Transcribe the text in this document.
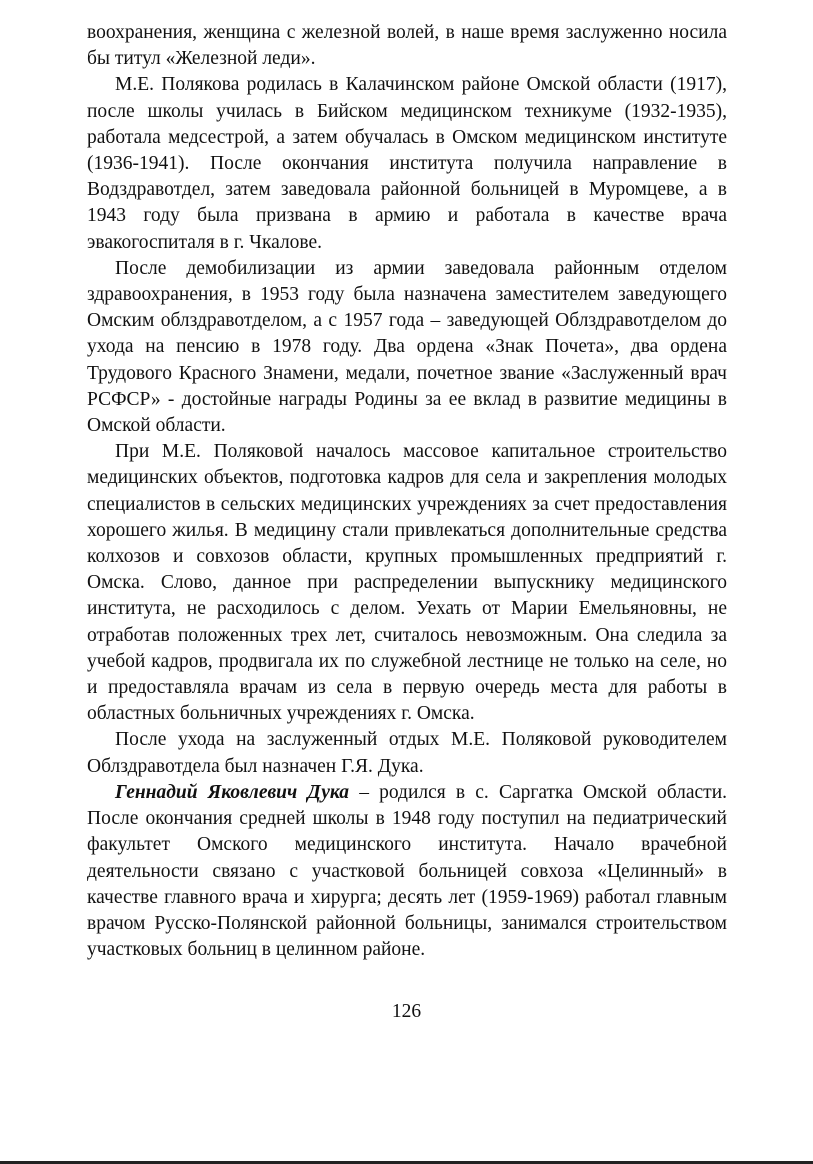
воохранения, женщина с железной волей, в наше время заслуженно носила бы титул «Железной леди».

М.Е. Полякова родилась в Калачинском районе Омской области (1917), после школы училась в Бийском медицинском техникуме (1932-1935), работала медсестрой, а затем обучалась в Омском медицинском институте (1936-1941). После окончания института получила направление в Водздравотдел, затем заведовала районной больницей в Муромцеве, а в 1943 году была призвана в армию и работала в качестве врача эвакогоспиталя в г. Чкалове.

После демобилизации из армии заведовала районным отделом здравоохранения, в 1953 году была назначена заместителем заведующего Омским облздравотделом, а с 1957 года – заведующей Облздравотделом до ухода на пенсию в 1978 году. Два ордена «Знак Почета», два ордена Трудового Красного Знамени, медали, почетное звание «Заслуженный врач РСФСР» - достойные награды Родины за ее вклад в развитие медицины в Омской области.

При М.Е. Поляковой началось массовое капитальное строительство медицинских объектов, подготовка кадров для села и закрепления молодых специалистов в сельских медицинских учреждениях за счет предоставления хорошего жилья. В медицину стали привлекаться дополнительные средства колхозов и совхозов области, крупных промышленных предприятий г. Омска. Слово, данное при распределении выпускнику медицинского института, не расходилось с делом. Уехать от Марии Емельяновны, не отработав положенных трех лет, считалось невозможным. Она следила за учебой кадров, продвигала их по служебной лестнице не только на селе, но и предоставляла врачам из села в первую очередь места для работы в областных больничных учреждениях г. Омска.

После ухода на заслуженный отдых М.Е. Поляковой руководителем Облздравотдела был назначен Г.Я. Дука.

Геннадий Яковлевич Дука – родился в с. Саргатка Омской области. После окончания средней школы в 1948 году поступил на педиатрический факультет Омского медицинского института. Начало врачебной деятельности связано с участковой больницей совхоза «Целинный» в качестве главного врача и хирурга; десять лет (1959-1969) работал главным врачом Русско-Полянской районной больницы, занимался строительством участковых больниц в целинном районе.

126
